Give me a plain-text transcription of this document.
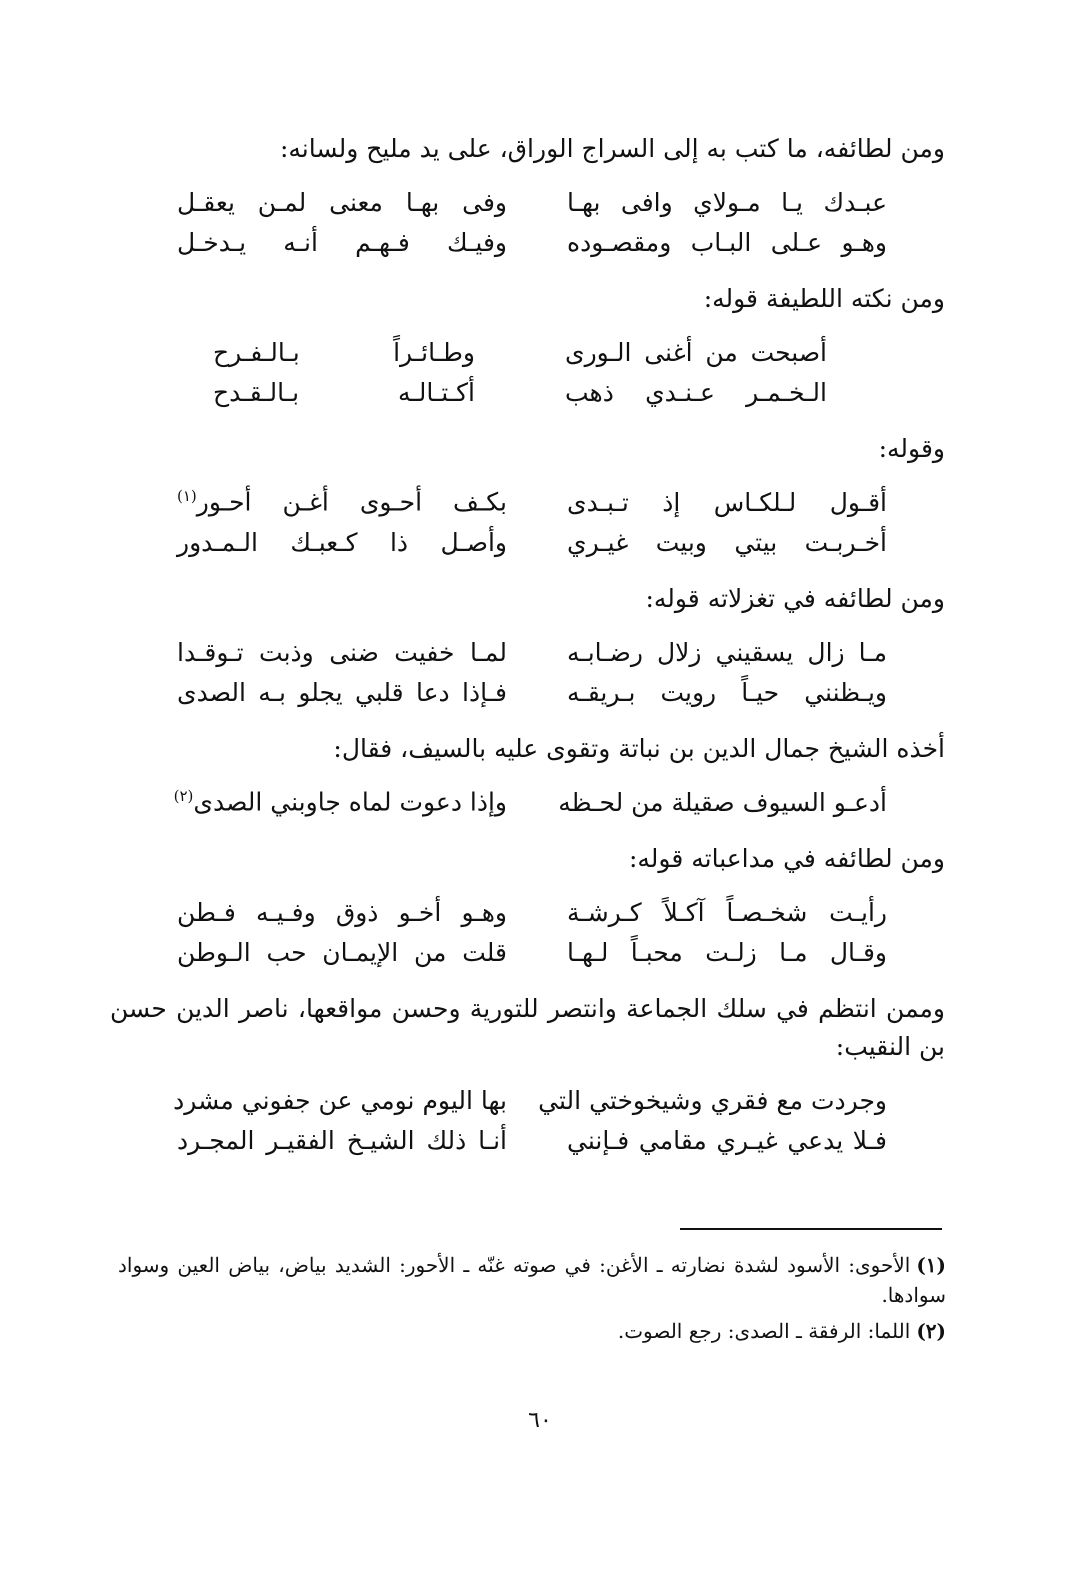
ومن لطائفه، ما كتب به إلى السراج الوراق، على يد مليح ولسانه:

عبـدك يـا مـولاي وافى بهـا
وفى بهـا معنى لمـن يعقـل
وهـو عـلى البـاب ومقصـوده
وفيـك فـهـم أنـه يـدخـل

ومن نكته اللطيفة قوله:

أصبحت من أغنى الـورى
وطـائـراً بـالـفـرح
الـخـمـر عـنـدي ذهب
أكـتـالـه بـالـقـدح

وقوله:

أقـول لـلكـاس إذ تـبـدى
بكـف أحـوى أغـن أحـور$^{(١)}$
أخـربـت بيتي وبيت غيـري
وأصـل ذا كـعبـك الـمـدور

ومن لطائفه في تغزلاته قوله:

مـا زال يسقيني زلال رضـابـه
لمـا خفيت ضنى وذبت تـوقـدا
ويـظنني حيـاً رويت بـريقـه
فـإذا دعا قلبي يجلو بـه الصدى

أخذه الشيخ جمال الدين بن نباتة وتقوى عليه بالسيف، فقال:

أدعـو السيوف صقيلة من لحـظه
وإذا دعوت لماه جاوبني الصدى$^{(٢)}$

ومن لطائفه في مداعباته قوله:

رأيـت شخـصـاً آكـلاً كـرشـة
وهـو أخـو ذوق وفـيـه فـطن
وقـال مـا زلـت محبـاً لـهـا
قلت من الإيمـان حب الـوطن

وممن انتظم في سلك الجماعة وانتصر للتورية وحسن مواقعها، ناصر الدين حسن بن النقيب:

وجردت مع فقري وشيخوختي التي
بها اليوم نومي عن جفوني مشرد
فـلا يدعي غيـري مقامي فـإنني
أنـا ذلك الشيـخ الفقيـر المجـرد

(١)الأحوى: الأسود لشدة نضارته ـ الأغن: في صوته غنّه ـ الأحور: الشديد بياض، بياض العين وسواد سوادها.

(٢)اللما: الرفقة ـ الصدى: رجع الصوت.

٦٠
